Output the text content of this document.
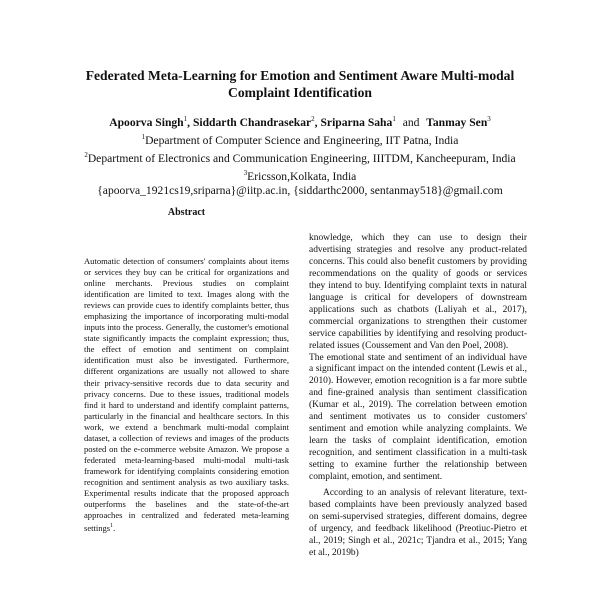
Federated Meta-Learning for Emotion and Sentiment Aware Multi-modal
Complaint Identification
Apoorva Singh$^1$, Siddarth Chandrasekar$^2$, Sriparna Saha$^1$ and Tanmay Sen$^3$
$^1$Department of Computer Science and Engineering, IIT Patna, India
$^2$Department of Electronics and Communication Engineering, IIITDM, Kancheepuram, India
$^3$Ericsson,Kolkata, India
{apoorva_1921cs19,sriparna}@iitp.ac.in, {siddarthc2000, sentanmay518}@gmail.com
Abstract

Automatic detection of consumers' complaints about items or services they buy can be critical for organizations and online merchants. Previous studies on complaint identification are limited to text. Images along with the reviews can provide cues to identify complaints better, thus emphasizing the importance of incorporating multi-modal inputs into the process. Generally, the customer's emotional state significantly impacts the complaint expression; thus, the effect of emotion and sentiment on complaint identification must also be investigated. Furthermore, different organizations are usually not allowed to share their privacy-sensitive records due to data security and privacy concerns. Due to these issues, traditional models find it hard to understand and identify complaint patterns, particularly in the financial and healthcare sectors. In this work, we extend a benchmark multi-modal complaint dataset, a collection of reviews and images of the products posted on the e-commerce website Amazon. We propose a federated meta-learning-based multi-modal multi-task framework for identifying complaints considering emotion recognition and sentiment analysis as two auxiliary tasks. Experimental results indicate that the proposed approach outperforms the baselines and the state-of-the-art approaches in centralized and federated meta-learning settings$^1$.

knowledge, which they can use to design their advertising strategies and resolve any product-related concerns. This could also benefit customers by providing recommendations on the quality of goods or services they intend to buy. Identifying complaint texts in natural language is critical for developers of downstream applications such as chatbots (Laliyah et al., 2017), commercial organizations to strengthen their customer service capabilities by identifying and resolving product-related issues (Coussement and Van den Poel, 2008).

The emotional state and sentiment of an individual have a significant impact on the intended content (Lewis et al., 2010). However, emotion recognition is a far more subtle and fine-grained analysis than sentiment classification (Kumar et al., 2019). The correlation between emotion and sentiment motivates us to consider customers' sentiment and emotion while analyzing complaints. We learn the tasks of complaint identification, emotion recognition, and sentiment classification in a multi-task setting to examine further the relationship between complaint, emotion, and sentiment.

According to an analysis of relevant literature, text-based complaints have been previously analyzed based on semi-supervised strategies, different domains, degree of urgency, and feedback likelihood (Preotiuc-Pietro et al., 2019; Singh et al., 2021c; Tjandra et al., 2015; Yang et al., 2019b)
